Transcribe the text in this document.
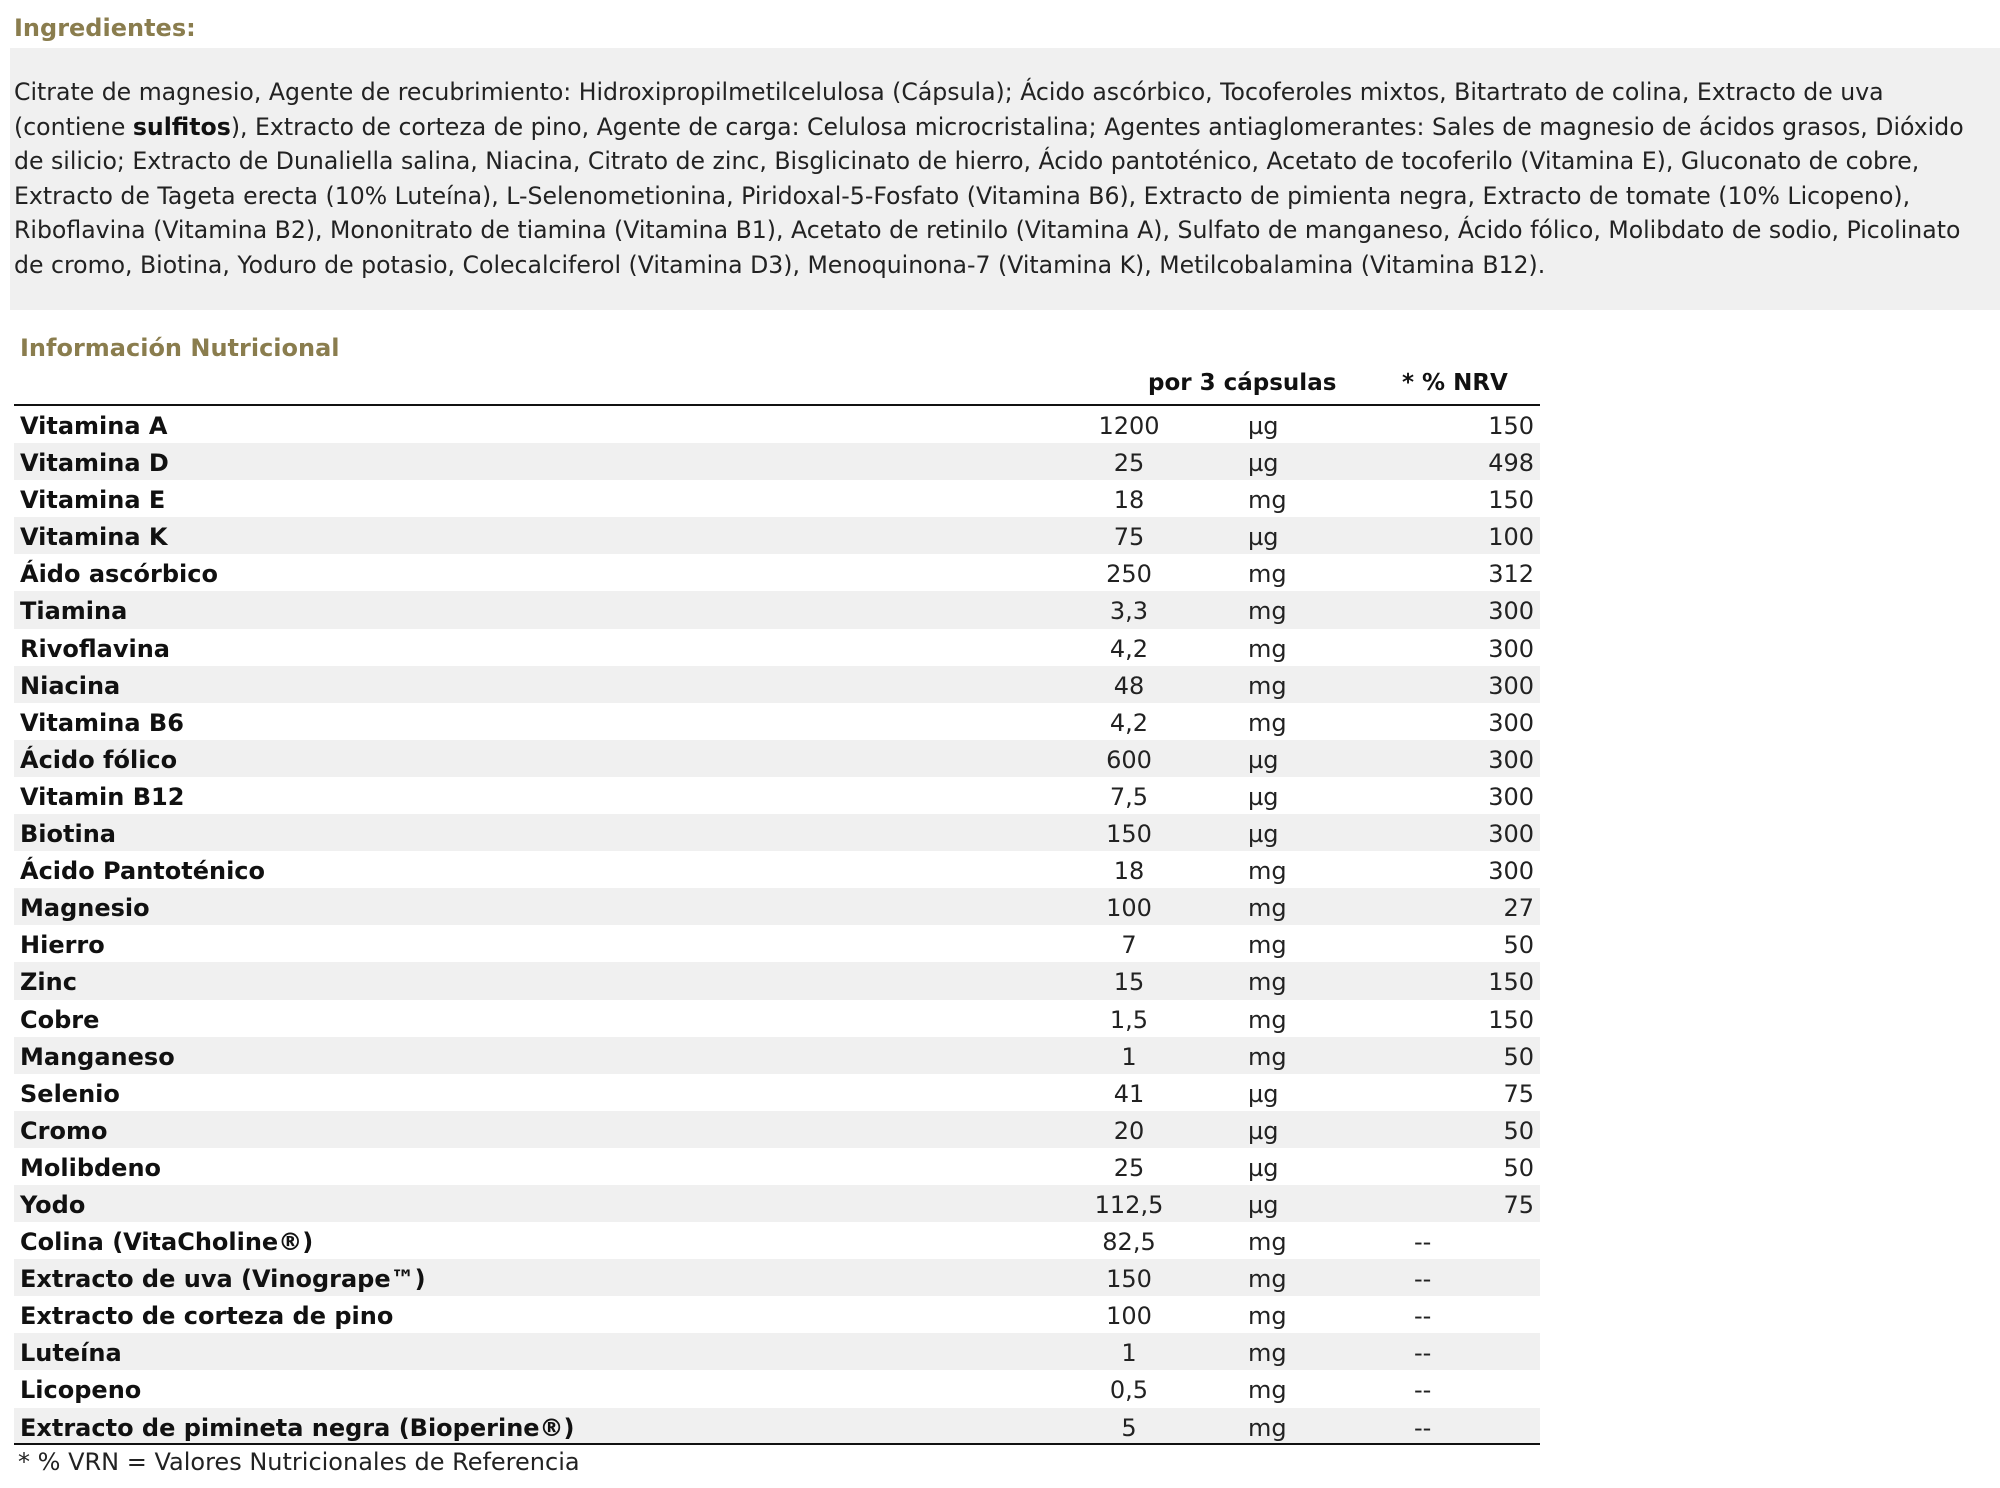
Ingredientes:

Citrate de magnesio, Agente de recubrimiento: Hidroxipropilmetilcelulosa (Cápsula); Ácido ascórbico, Tocoferoles mixtos, Bitartrato de colina, Extracto de uva (contiene sulfitos), Extracto de corteza de pino, Agente de carga: Celulosa microcristalina; Agentes antiaglomerantes: Sales de magnesio de ácidos grasos, Dióxido de silicio; Extracto de Dunaliella salina, Niacina, Citrato de zinc, Bisglicinato de hierro, Ácido pantoténico, Acetato de tocoferilo (Vitamina E), Gluconato de cobre, Extracto de Tageta erecta (10% Luteína), L-Selenometionina, Piridoxal-5-Fosfato (Vitamina B6), Extracto de pimienta negra, Extracto de tomate (10% Licopeno), Riboflavina (Vitamina B2), Mononitrato de tiamina (Vitamina B1), Acetato de retinilo (Vitamina A), Sulfato de manganeso, Ácido fólico, Molibdato de sodio, Picolinato de cromo, Biotina, Yoduro de potasio, Colecalciferol (Vitamina D3), Menoquinona-7 (Vitamina K), Metilcobalamina (Vitamina B12).

Información Nutricional
por 3 cápsulas	* % NRV
Vitamina A	1200	µg	150
Vitamina D	25	µg	498
Vitamina E	18	mg	150
Vitamina K	75	µg	100
Áido ascórbico	250	mg	312
Tiamina	3,3	mg	300
Rivoflavina	4,2	mg	300
Niacina	48	mg	300
Vitamina B6	4,2	mg	300
Ácido fólico	600	µg	300
Vitamin B12	7,5	µg	300
Biotina	150	µg	300
Ácido Pantoténico	18	mg	300
Magnesio	100	mg	27
Hierro	7	mg	50
Zinc	15	mg	150
Cobre	1,5	mg	150
Manganeso	1	mg	50
Selenio	41	µg	75
Cromo	20	µg	50
Molibdeno	25	µg	50
Yodo	112,5	µg	75
Colina (VitaCholine®)	82,5	mg	--
Extracto de uva (Vinogrape™)	150	mg	--
Extracto de corteza de pino	100	mg	--
Luteína	1	mg	--
Licopeno	0,5	mg	--
Extracto de pimineta negra (Bioperine®)	5	mg	--
* % VRN = Valores Nutricionales de Referencia
